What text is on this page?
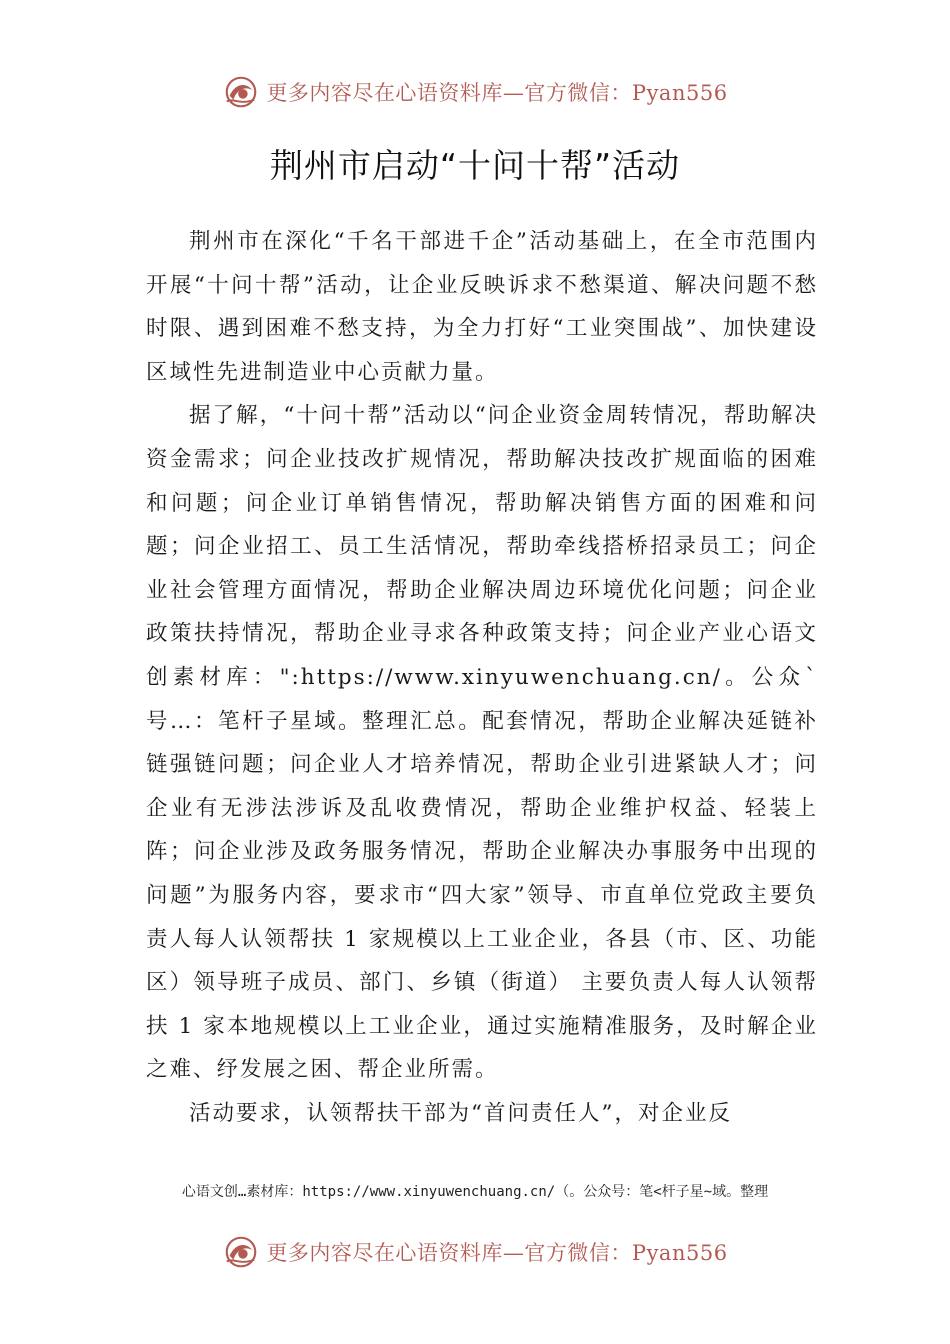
更多内容尽在心语资料库—官方微信：Pyan556
荆州市启动“十问十帮”活动

荆州市在深化“千名干部进千企”活动基础上，在全市范围内开展“十问十帮”活动，让企业反映诉求不愁渠道、解决问题不愁时限、遇到困难不愁支持，为全力打好“工业突围战”、加快建设区域性先进制造业中心贡献力量。

据了解，“十问十帮”活动以“问企业资金周转情况，帮助解决资金需求；问企业技改扩规情况，帮助解决技改扩规面临的困难和问题；问企业订单销售情况，帮助解决销售方面的困难和问题；问企业招工、员工生活情况，帮助牵线搭桥招录员工；问企业社会管理方面情况，帮助企业解决周边环境优化问题；问企业政策扶持情况，帮助企业寻求各种政策支持；问企业产业心语文创素材库：":https://www.xinyuwenchuang.cn/。公众`号…：笔杆子星域。整理汇总。配套情况，帮助企业解决延链补链强链问题；问企业人才培养情况，帮助企业引进紧缺人才；问企业有无涉法涉诉及乱收费情况，帮助企业维护权益、轻装上阵；问企业涉及政务服务情况，帮助企业解决办事服务中出现的问题”为服务内容，要求市“四大家”领导、市直单位党政主要负责人每人认领帮扶 1 家规模以上工业企业，各县（市、区、功能区）领导班子成员、部门、乡镇（街道） 主要负责人每人认领帮扶 1 家本地规模以上工业企业，通过实施精准服务，及时解企业之难、纾发展之困、帮企业所需。

活动要求，认领帮扶干部为“首问责任人”，对企业反

心语文创…素材库：https://www.xinyuwenchuang.cn/（。公众号：笔<杆子星~域。整理
更多内容尽在心语资料库—官方微信：Pyan556
